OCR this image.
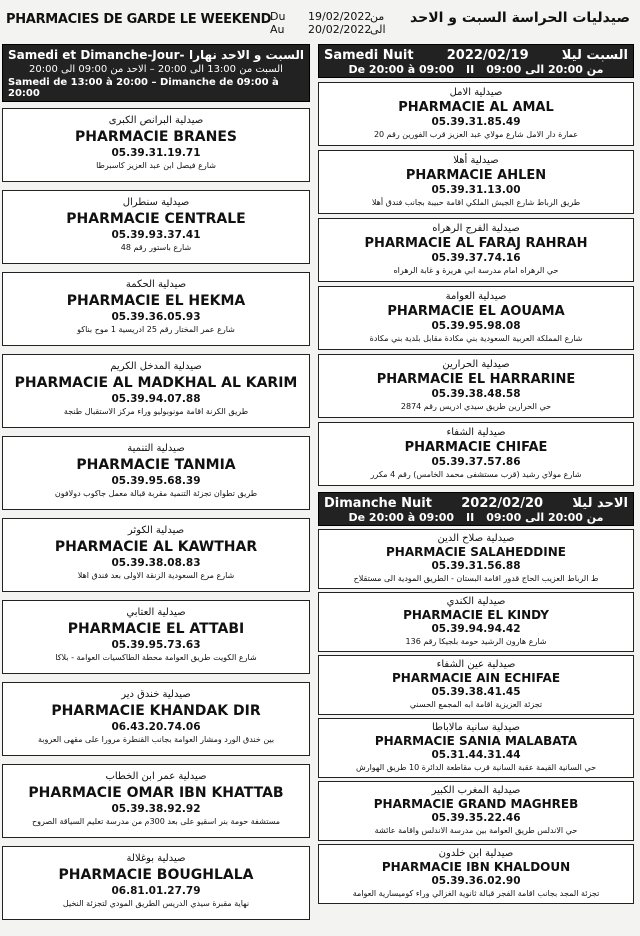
PHARMACIES DE GARDE LE WEEKEND
Du 19/02/2022من
Au 20/02/2022الى
صيدليات الحراسة السبت و الاحد
Samedi et Dimanche-Jour- السبت و الاحد نهارا
السبت من 13:00 الى 20:00 – الاحد من 09:00 الى 20:00
Samedi de 13:00 à 20:00 – Dimanche de 09:00 à 20:00
صيدلية البرانص الكبرى
PHARMACIE BRANES
05.39.31.19.71
شارع فيصل ابن عبد العزيز كاسبرطا
صيدلية سنطرال
PHARMACIE CENTRALE
05.39.93.37.41
شارع باستور رقم 48
صيدلية الحكمة
PHARMACIE EL HEKMA
05.39.36.05.93
شارع عمر المختار رقم 25 ادريسية 1 موح بناكو
صيدلية المدخل الكريم
PHARMACIE AL MADKHAL AL KARIM
05.39.94.07.88
طريق الكرنة اقامة مونوبوليو وراء مركز الاستقبال طنجة
صيدلية التنمية
PHARMACIE TANMIA
05.39.95.68.39
طريق تطوان تجزئة التنمية مقربة قبالة معمل جاكوب دولافون
صيدلية الكوثر
PHARMACIE AL KAWTHAR
05.39.38.08.83
شارع مرع السعودية الزنقة الاولى بعد فندق اهلا
صيدلية العتابي
PHARMACIE EL ATTABI
05.39.95.73.63
شارع الكويت طريق العوامة محطة الطاكسيات العوامة - بلاكا
صيدلية خندق دير
PHARMACIE KHANDAK DIR
06.43.20.74.06
بين خندق الورد ومشار العوامة بجانب القنطرة مرورا على مقهى العروبة
صيدلية عمر ابن الخطاب
PHARMACIE OMAR IBN KHATTAB
05.39.38.92.92
مستشفة حومة بنر اسقيو على بعد 300م من مدرسة تعليم السياقة الصروح
صيدلية بوغلالة
PHARMACIE BOUGHLALA
06.81.01.27.79
نهاية مقبرة سيدي الدريس الطريق المودي لتجزئة النخيل
Samedi Nuit	2022/02/19	السبت ليلا
De 20:00 à 09:00 II من 20:00 الى 09:00
صيدلية الامل
PHARMACIE AL AMAL
05.39.31.85.49
عمارة دار الامل شارع مولاي عبد العزيز قرب الفورين رقم 20
صيدلية أهلا
PHARMACIE AHLEN
05.39.31.13.00
طريق الرباط شارع الجيش الملكي اقامة حبيبة بجانب فندق أهلا
صيدلية الفرج الرهراه
PHARMACIE AL FARAJ RAHRAH
05.39.37.74.16
حي الرهراه امام مدرسة ابي هريرة و غابة الرهراه
صيدلية العوامة
PHARMACIE EL AOUAMA
05.39.95.98.08
شارع المملكة العربية السعودية بني مكادة مقابل بلدية بني مكادة
صيدلية الحرارين
PHARMACIE EL HARRARINE
05.39.38.48.58
حي الحرارين طريق سيدي ادريس رقم 2874
صيدلية الشفاء
PHARMACIE CHIFAE
05.39.37.57.86
شارع مولاي رشيد (قرب مستشفى محمد الخامس) رقم 4 مكرر
Dimanche Nuit 2022/02/20 الاحد ليلا
De 20:00 à 09:00 II من 20:00 الى 09:00
صيدلية صلاح الدين
PHARMACIE SALAHEDDINE
05.39.31.56.88
ط الرباط العزيب الحاج قدور اقامة البستان - الطريق المودية الى مستقلاح
صيدلية الكندي
PHARMACIE EL KINDY
05.39.94.94.42
شارع هارون الرشيد حومة بلجيكا رقم 136
صيدلية عين الشفاء
PHARMACIE AIN ECHIFAE
05.39.38.41.45
تجزئة العزيزية اقامة ابه المجمع الحسني
صيدلية سانية مالاباطا
PHARMACIE SANIA MALABATA
05.31.44.31.44
حي السانية القيمة عقبة السانية قرب مقاطعة الدائرة 10 طريق الهوارش
صيدلية المغرب الكبير
PHARMACIE GRAND MAGHREB
05.39.35.22.46
حي الاندلس طريق العوامة بين مدرسة الاندلس واقامة عائشة
صيدلية ابن خلدون
PHARMACIE IBN KHALDOUN
05.39.36.02.90
تجزئة المجد بجانب اقامة الفجر قبالة ثانوية الغزالي وراء كوميسارية العوامة
